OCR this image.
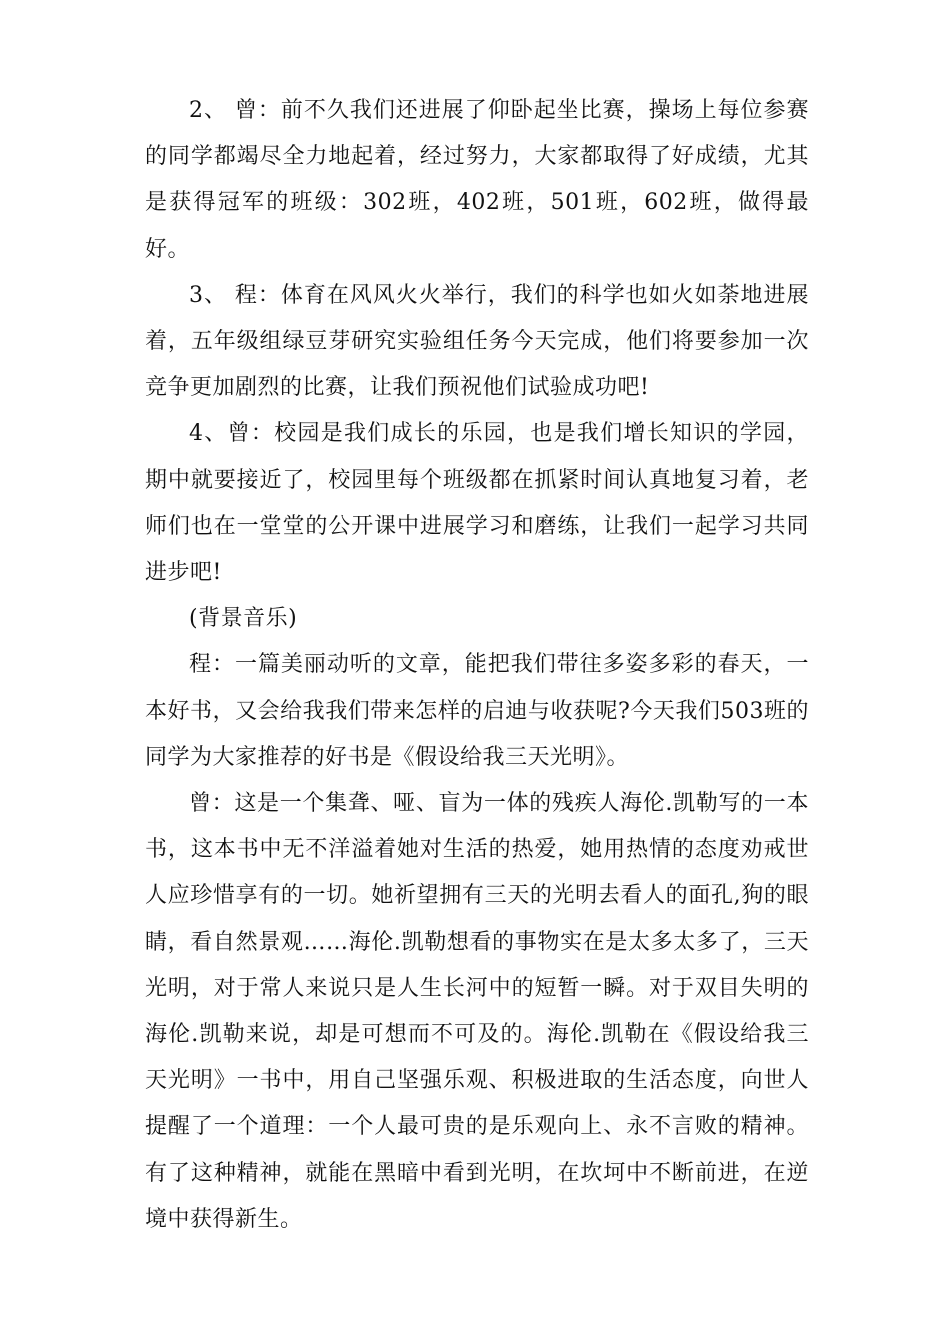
2、 曾：前不久我们还进展了仰卧起坐比赛，操场上每位参赛的同学都竭尽全力地起着，经过努力，大家都取得了好成绩，尤其是获得冠军的班级：302班，402班，501班，602班，做得最好。

3、 程：体育在风风火火举行，我们的科学也如火如荼地进展着，五年级组绿豆芽研究实验组任务今天完成，他们将要参加一次竞争更加剧烈的比赛，让我们预祝他们试验成功吧!

4、曾：校园是我们成长的乐园，也是我们增长知识的学园，期中就要接近了，校园里每个班级都在抓紧时间认真地复习着，老师们也在一堂堂的公开课中进展学习和磨练，让我们一起学习共同进步吧!

(背景音乐)

程：一篇美丽动听的文章，能把我们带往多姿多彩的春天，一本好书，又会给我我们带来怎样的启迪与收获呢?今天我们503班的同学为大家推荐的好书是《假设给我三天光明》。

曾：这是一个集聋、哑、盲为一体的残疾人海伦.凯勒写的一本书，这本书中无不洋溢着她对生活的热爱，她用热情的态度劝戒世人应珍惜享有的一切。她祈望拥有三天的光明去看人的面孔,狗的眼睛，看自然景观……海伦.凯勒想看的事物实在是太多太多了，三天光明，对于常人来说只是人生长河中的短暂一瞬。对于双目失明的海伦.凯勒来说，却是可想而不可及的。海伦.凯勒在《假设给我三天光明》一书中，用自己坚强乐观、积极进取的生活态度，向世人提醒了一个道理：一个人最可贵的是乐观向上、永不言败的精神。有了这种精神，就能在黑暗中看到光明，在坎坷中不断前进，在逆境中获得新生。
